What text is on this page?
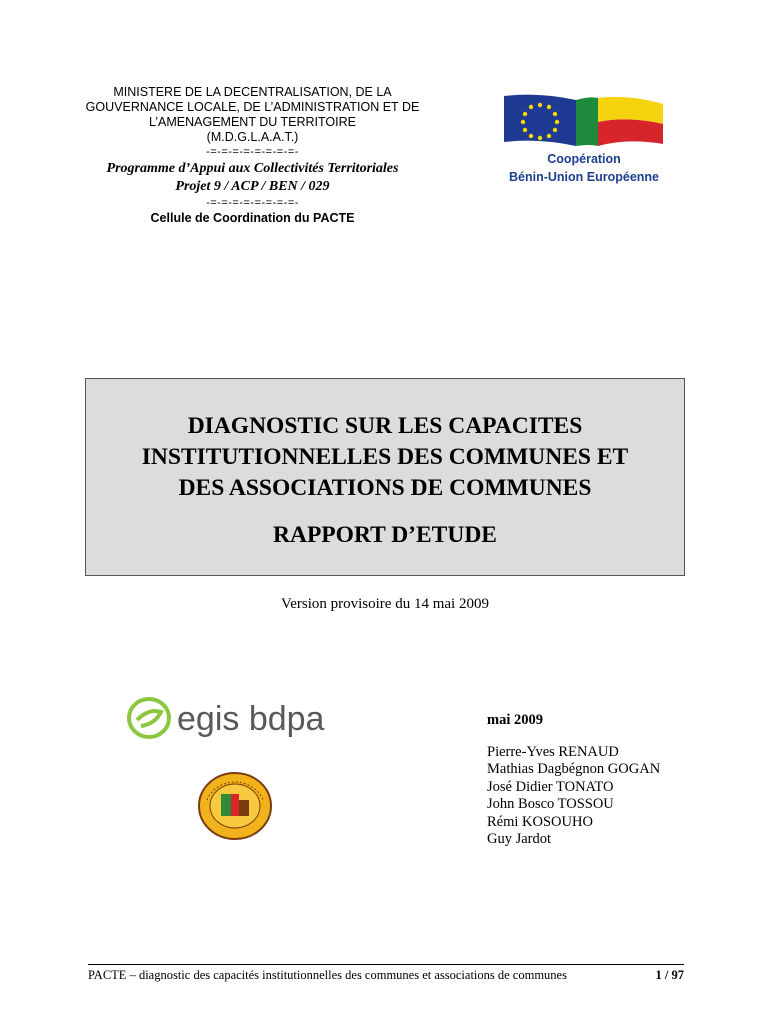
MINISTERE DE LA DECENTRALISATION, DE LA
GOUVERNANCE LOCALE, DE L’ADMINISTRATION ET DE
L’AMENAGEMENT DU TERRITOIRE
(M.D.G.L.A.A.T.)
-=-=-=-=-=-=-=-=-
Programme d’Appui aux Collectivités Territoriales
Projet 9 / ACP / BEN / 029
-=-=-=-=-=-=-=-=-
Cellule de Coordination du PACTE
Coopération
Bénin-Union Européenne
DIAGNOSTIC SUR LES CAPACITES
INSTITUTIONNELLES DES COMMUNES ET
DES ASSOCIATIONS DE COMMUNES
RAPPORT D’ETUDE
Version provisoire du 14 mai 2009
egis bdpa	mai 2009
Pierre-Yves RENAUD
Mathias Dagbégnon GOGAN
José Didier TONATO
John Bosco TOSSOU
Rémi KOSOUHO
Guy Jardot
PACTE – diagnostic des capacités institutionnelles des communes et associations de communes	1 / 97
